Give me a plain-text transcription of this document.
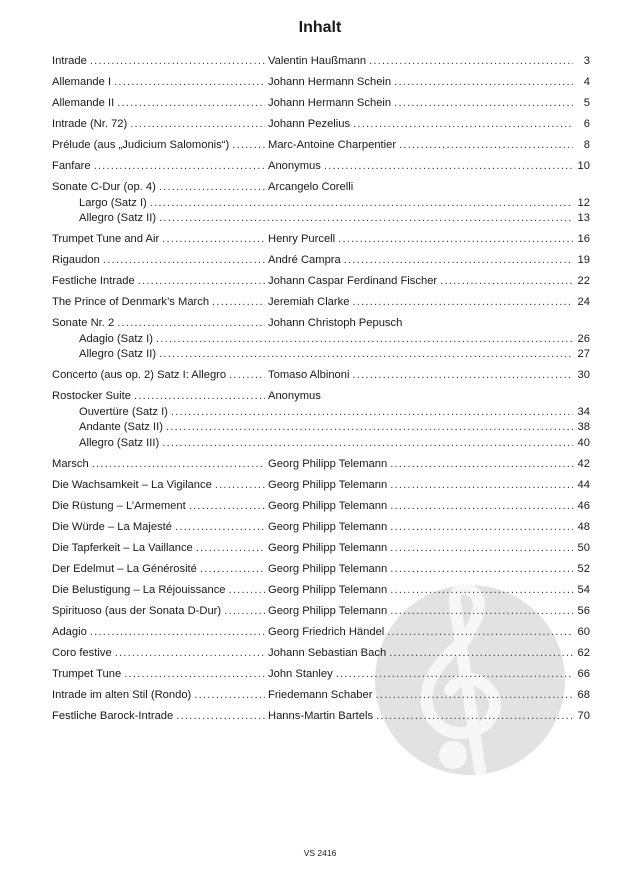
Inhalt
Intrade .....	Valentin Haußmann .....	3
Allemande I .....	Johann Hermann Schein .....	4
Allemande II .....	Johann Hermann Schein .....	5
Intrade (Nr. 72) .....	Johann Pezelius .....	6
Prélude (aus „Judicium Salomonis“) .....	Marc-Antoine Charpentier .....	8
Fanfare .....	Anonymus .....	10
Sonate C-Dur (op. 4) .....	Arcangelo Corelli
Largo (Satz I) .....	12
Allegro (Satz II) .....	13
Trumpet Tune and Air .....	Henry Purcell .....	16
Rigaudon .....	André Campra .....	19
Festliche Intrade .....	Johann Caspar Ferdinand Fischer .....	22
The Prince of Denmark’s March .....	Jeremiah Clarke .....	24
Sonate Nr. 2 .....	Johann Christoph Pepusch
Adagio (Satz I) .....	26
Allegro (Satz II) .....	27
Concerto (aus op. 2) Satz I: Allegro .....	Tomaso Albinoni .....	30
Rostocker Suite .....	Anonymus
Ouvertüre (Satz I) .....	34
Andante (Satz II) .....	38
Allegro (Satz III) .....	40
Marsch .....	Georg Philipp Telemann .....	42
Die Wachsamkeit – La Vigilance .....	Georg Philipp Telemann .....	44
Die Rüstung – L’Armement .....	Georg Philipp Telemann .....	46
Die Würde – La Majesté .....	Georg Philipp Telemann .....	48
Die Tapferkeit – La Vaillance .....	Georg Philipp Telemann .....	50
Der Edelmut – La Générosité .....	Georg Philipp Telemann .....	52
Die Belustigung – La Réjouissance .....	Georg Philipp Telemann .....	54
Spirituoso (aus der Sonata D-Dur) .....	Georg Philipp Telemann .....	56
Adagio .....	Georg Friedrich Händel .....	60
Coro festive .....	Johann Sebastian Bach .....	62
Trumpet Tune .....	John Stanley .....	66
Intrade im alten Stil (Rondo) .....	Friedemann Schaber .....	68
Festliche Barock-Intrade .....	Hanns-Martin Bartels .....	70
VS 2416
